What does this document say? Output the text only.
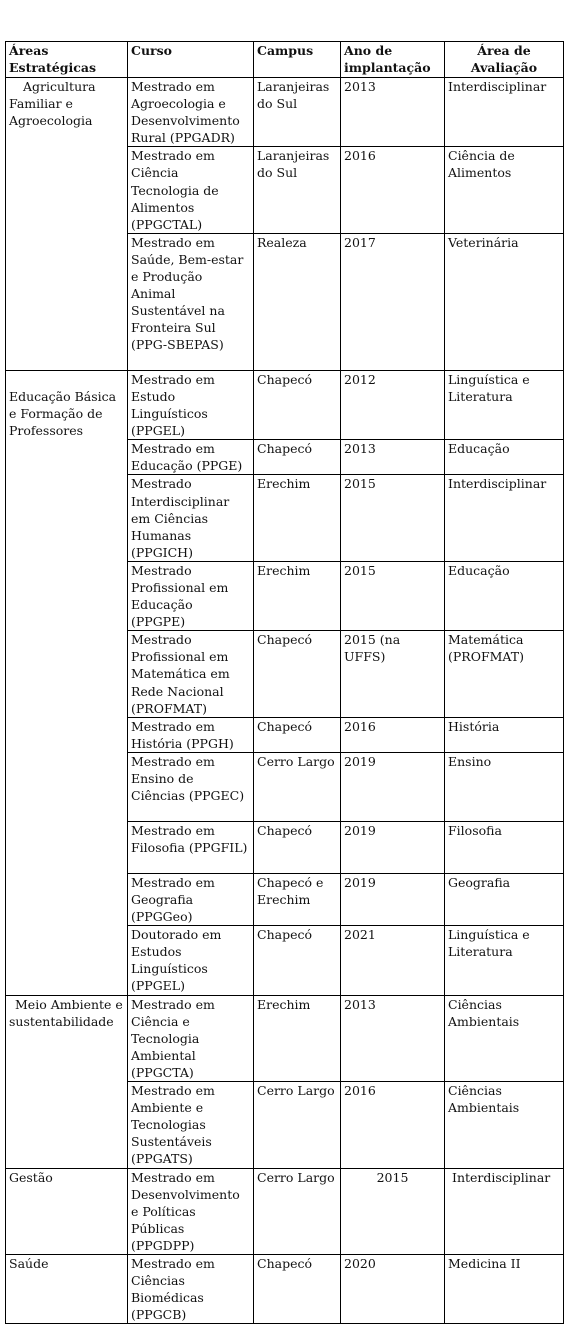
Áreas Estratégicas	Curso	Campus	Ano de implantação	Área de Avaliação

Agricultura Familiar e Agroecologia	Mestrado em Agroecologia e Desenvolvimento Rural (PPGADR)	Laranjeiras do Sul	2013	Interdisciplinar
	Mestrado em Ciência Tecnologia de Alimentos (PPGCTAL)	Laranjeiras do Sul	2016	Ciência de Alimentos
	Mestrado em Saúde, Bem-estar e Produção Animal Sustentável na Fronteira Sul (PPG-SBEPAS)	Realeza	2017	Veterinária

Educação Básica e Formação de Professores	Mestrado em Estudo Linguísticos (PPGEL)	Chapecó	2012	Linguística e Literatura
	Mestrado em Educação (PPGE)	Chapecó	2013	Educação
	Mestrado Interdisciplinar em Ciências Humanas (PPGICH)	Erechim	2015	Interdisciplinar
	Mestrado Profissional em Educação (PPGPE)	Erechim	2015	Educação
	Mestrado Profissional em Matemática em Rede Nacional (PROFMAT)	Chapecó	2015 (na UFFS)	Matemática (PROFMAT)
	Mestrado em História (PPGH)	Chapecó	2016	História
	Mestrado em Ensino de Ciências (PPGEC)	Cerro Largo	2019	Ensino
	Mestrado em Filosofia (PPGFIL)	Chapecó	2019	Filosofia
	Mestrado em Geografia (PPGGeo)	Chapecó e Erechim	2019	Geografia
	Doutorado em Estudos Linguísticos (PPGEL)	Chapecó	2021	Linguística e Literatura

Meio Ambiente e sustentabilidade	Mestrado em Ciência e Tecnologia Ambiental (PPGCTA)	Erechim	2013	Ciências Ambientais
	Mestrado em Ambiente e Tecnologias Sustentáveis (PPGATS)	Cerro Largo	2016	Ciências Ambientais
Gestão	Mestrado em Desenvolvimento e Políticas Públicas (PPGDPP)	Cerro Largo	2015	Interdisciplinar
Saúde	Mestrado em Ciências Biomédicas (PPGCB)	Chapecó	2020	Medicina II
